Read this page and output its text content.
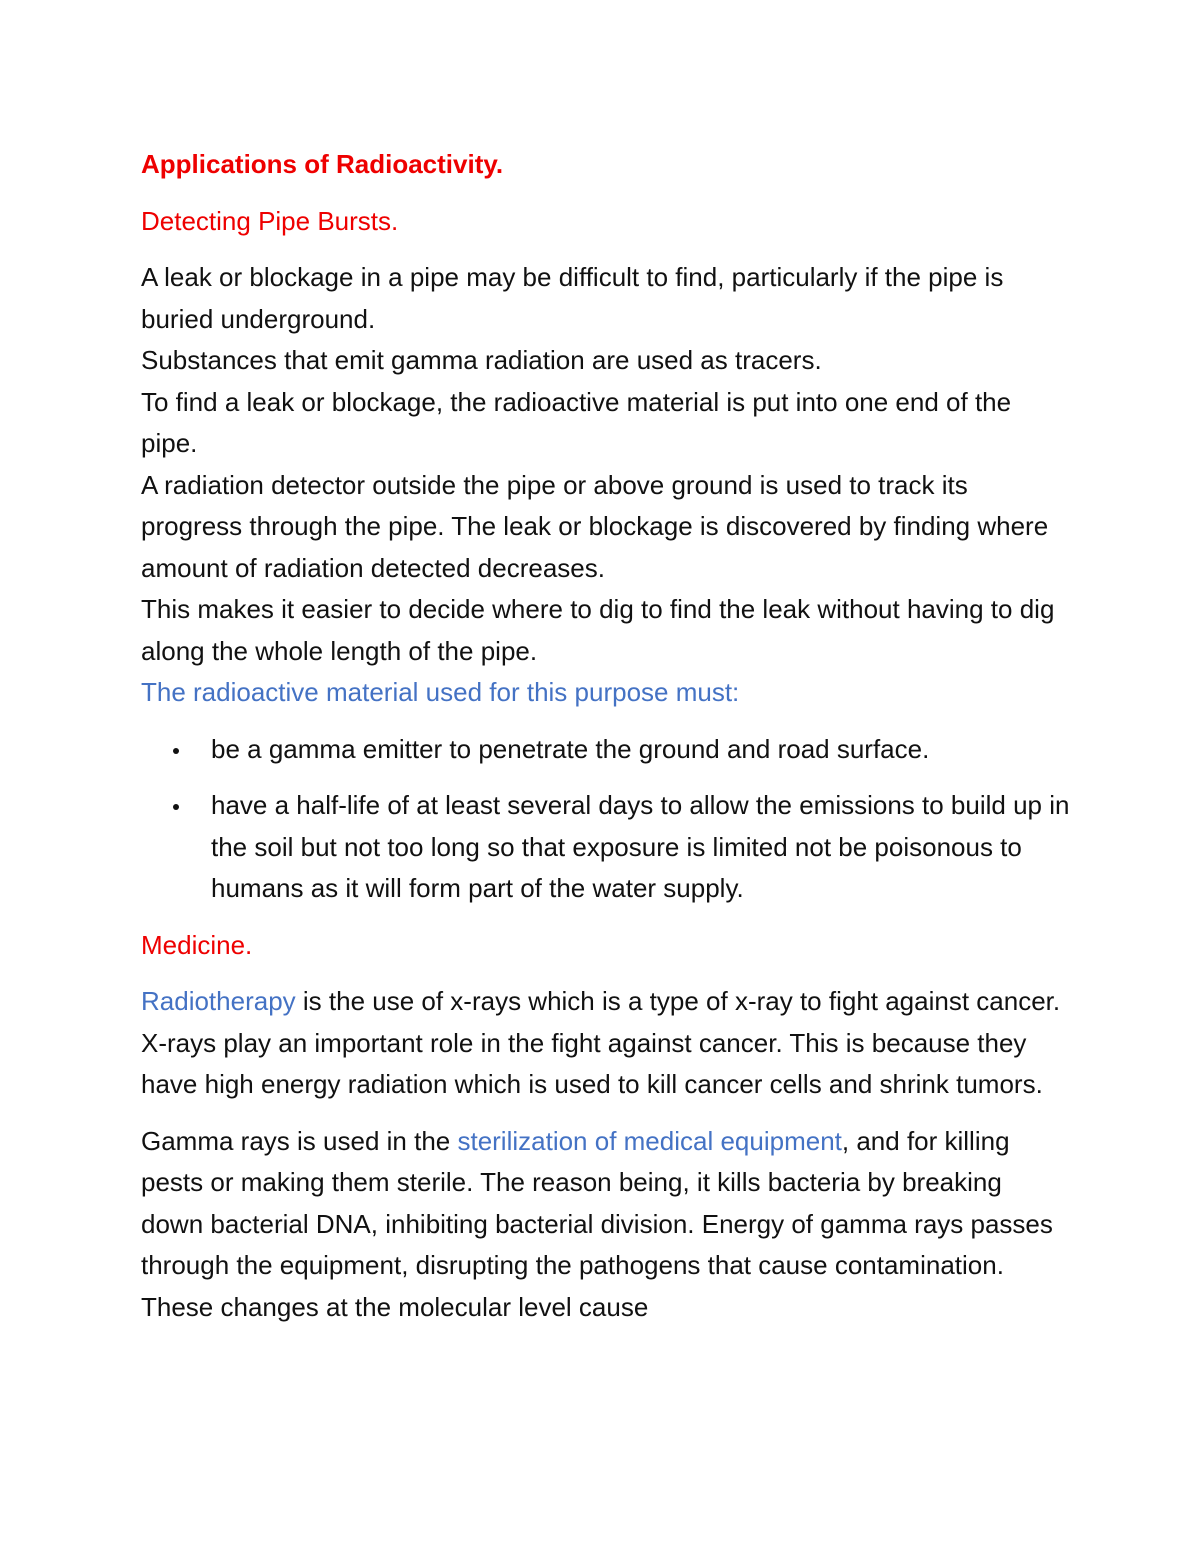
Applications of Radioactivity.

Detecting Pipe Bursts.

A leak or blockage in a pipe may be difficult to find, particularly if the pipe is buried underground.

Substances that emit gamma radiation are used as tracers.

To find a leak or blockage, the radioactive material is put into one end of the pipe.

A radiation detector outside the pipe or above ground is used to track its progress through the pipe. The leak or blockage is discovered by finding where amount of radiation detected decreases.

This makes it easier to decide where to dig to find the leak without having to dig along the whole length of the pipe.

The radioactive material used for this purpose must:

be a gamma emitter to penetrate the ground and road surface.
have a half-life of at least several days to allow the emissions to build up in the soil but not too long so that exposure is limited not be poisonous to humans as it will form part of the water supply.

Medicine.

Radiotherapy is the use of x-rays which is a type of x-ray to fight against cancer. X-rays play an important role in the fight against cancer. This is because they have high energy radiation which is used to kill cancer cells and shrink tumors.

Gamma rays is used in the sterilization of medical equipment, and for killing pests or making them sterile. The reason being, it kills bacteria by breaking down bacterial DNA, inhibiting bacterial division. Energy of gamma rays passes through the equipment, disrupting the pathogens that cause contamination. These changes at the molecular level cause
